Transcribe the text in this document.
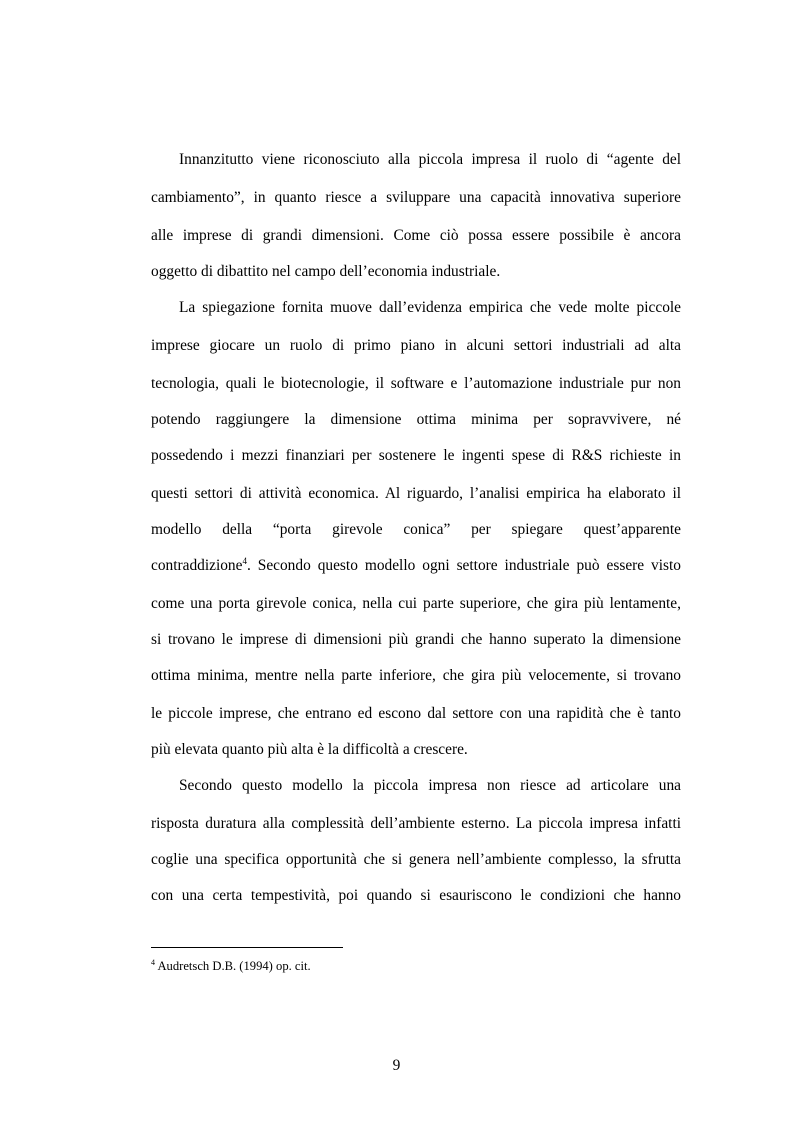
Innanzitutto viene riconosciuto alla piccola impresa il ruolo di “agente del
cambiamento”, in quanto riesce a sviluppare una capacità innovativa superiore
alle imprese di grandi dimensioni. Come ciò possa essere possibile è ancora
oggetto di dibattito nel campo dell’economia industriale.
La spiegazione fornita muove dall’evidenza empirica che vede molte piccole
imprese giocare un ruolo di primo piano in alcuni settori industriali ad alta
tecnologia, quali le biotecnologie, il software e l’automazione industriale pur non
potendo raggiungere la dimensione ottima minima per sopravvivere, né
possedendo i mezzi finanziari per sostenere le ingenti spese di R&S richieste in
questi settori di attività economica. Al riguardo, l’analisi empirica ha elaborato il
modello della “porta girevole conica” per spiegare quest’apparente
contraddizione$^4$. Secondo questo modello ogni settore industriale può essere visto
come una porta girevole conica, nella cui parte superiore, che gira più lentamente,
si trovano le imprese di dimensioni più grandi che hanno superato la dimensione
ottima minima, mentre nella parte inferiore, che gira più velocemente, si trovano
le piccole imprese, che entrano ed escono dal settore con una rapidità che è tanto
più elevata quanto più alta è la difficoltà a crescere.
Secondo questo modello la piccola impresa non riesce ad articolare una
risposta duratura alla complessità dell’ambiente esterno. La piccola impresa infatti
coglie una specifica opportunità che si genera nell’ambiente complesso, la sfrutta
con una certa tempestività, poi quando si esauriscono le condizioni che hanno
$^4$ Audretsch D.B. (1994) op. cit.
9
